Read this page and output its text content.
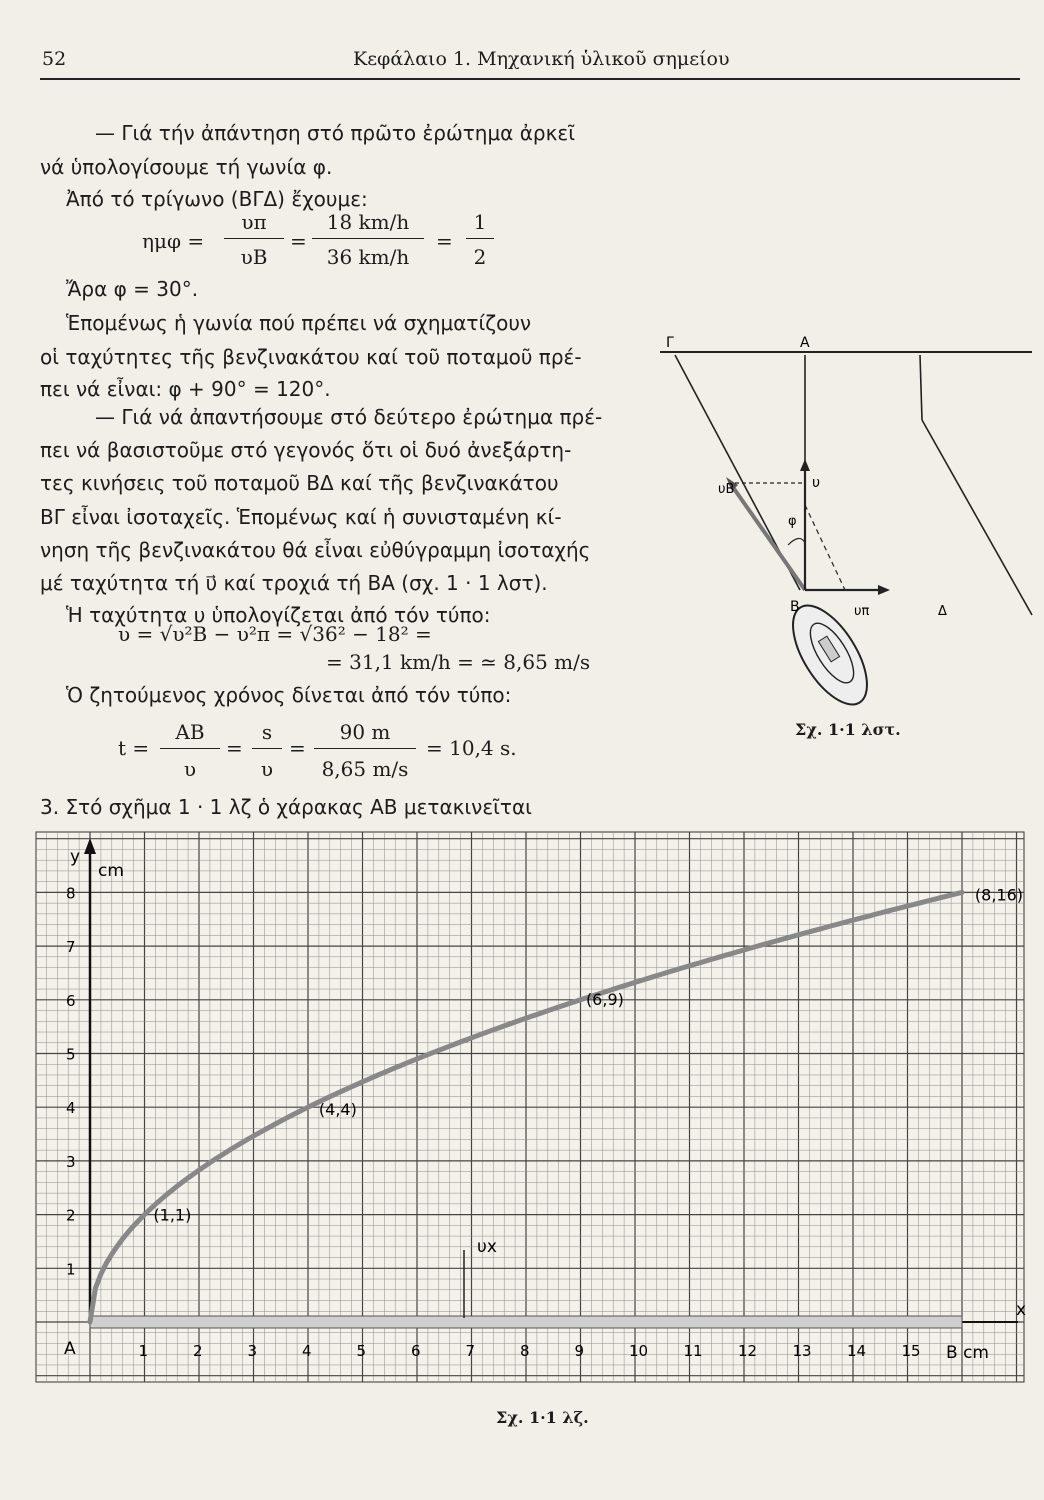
52	Κεφάλαιο 1. Μηχανική ὑλικοῦ σημείου
— Γιά τήν ἀπάντηση στό πρῶτο ἐρώτημα ἀρκεῖ
νά ὑπολογίσουμε τή γωνία φ.
Ἀπό τό τρίγωνο (ΒΓΔ) ἔχουμε:
ημφ =
υπ
υB
=
18 km/h
36 km/h
=
1
2
Ἄρα φ = 30°.
Ἑπομένως ἡ γωνία πού πρέπει νά σχηματίζουν
οἱ ταχύτητες τῆς βενζινακάτου καί τοῦ ποταμοῦ πρέ-
πει νά εἶναι: φ + 90° = 120°.
— Γιά νά ἀπαντήσουμε στό δεύτερο ἐρώτημα πρέ-
πει νά βασιστοῦμε στό γεγονός ὅτι οἱ δυό ἀνεξάρτη-
τες κινήσεις τοῦ ποταμοῦ ΒΔ καί τῆς βενζινακάτου
ΒΓ εἶναι ἰσοταχεῖς. Ἑπομένως καί ἡ συνισταμένη κί-
νηση τῆς βενζινακάτου θά εἶναι εὐθύγραμμη ἰσοταχής
μέ ταχύτητα τή υ⃗ καί τροχιά τή ΒΑ (σχ. 1 · 1 λστ).
Ἡ ταχύτητα υ ὑπολογίζεται ἀπό τόν τύπο:
υ = √υ²B − υ²π = √36² − 18² =
= 31,1 km/h = ≃ 8,65 m/s
Ὁ ζητούμενος χρόνος δίνεται ἀπό τόν τύπο:
t =
AB
υ
=
s
υ
=
90 m
8,65 m/s
= 10,4 s.
3. Στό σχῆμα 1 · 1 λζ ὁ χάρακας ΑΒ μετακινεῖται
Γ	A
B	Δ
υ
υB
υπ
φ
Σχ. 1·1 λστ.
1	2	3	4	5	6	7	8	9	10 11 12 13 14 15
1
2
3
4
5
6
7
8
(1,1)
(4,4)
(6,9)
(8,16)
y
cm
x
B cm
A
υx
Σχ. 1·1 λζ.
